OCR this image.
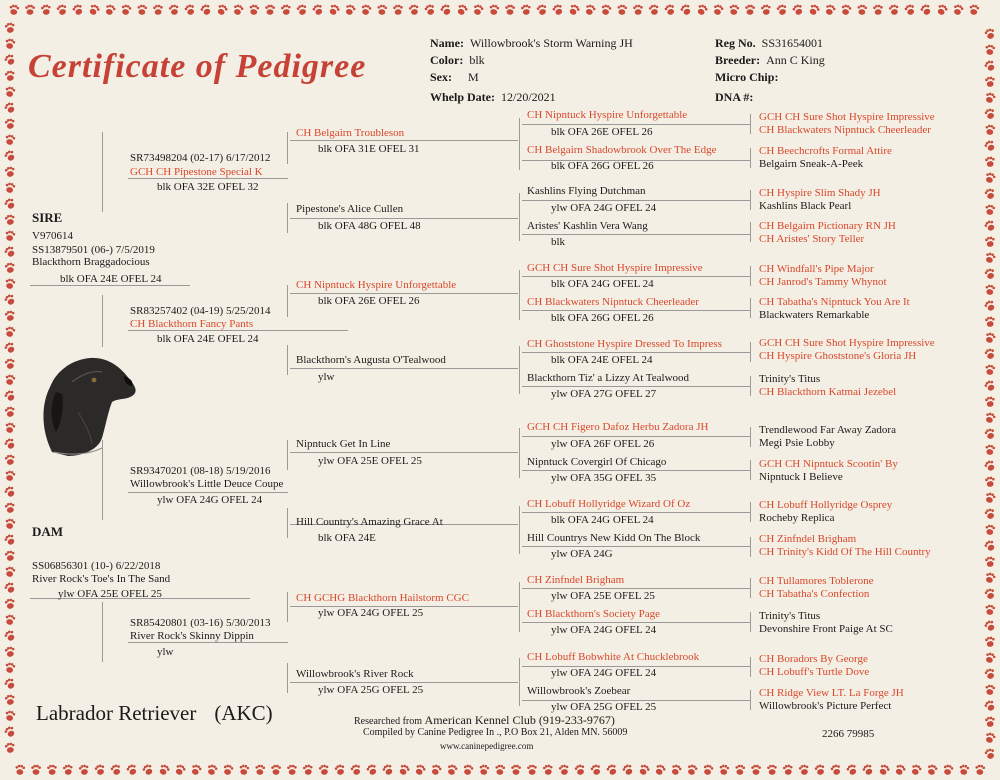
Certificate of Pedigree
Name: Willowbrook's Storm Warning JH
Color: blk
Sex: M
Whelp Date: 12/20/2021
Reg No. SS31654001
Breeder: Ann C King
Micro Chip:
DNA #:
SIRE
DAM
Labrador Retriever (AKC)	Researched from American Kennel Club (919-233-9767)
Compiled by Canine Pedigree In ., P.O Box 21, Alden MN. 56009
www.caninepedigree.com
2266 79985
V970614
SS13879501 (06-) 7/5/2019
Blackthorn Braggadocious
blk OFA 24E OFEL 24
SS06856301 (10-) 6/22/2018
River Rock's Toe's In The Sand
ylw OFA 25E OFEL 25
SR73498204 (02-17) 6/17/2012
GCH CH Pipestone Special K
blk OFA 32E OFEL 32
SR83257402 (04-19) 5/25/2014
CH Blackthorn Fancy Pants
blk OFA 24E OFEL 24
SR93470201 (08-18) 5/19/2016
Willowbrook's Little Deuce Coupe
ylw OFA 24G OFEL 24
SR85420801 (03-16) 5/30/2013
River Rock's Skinny Dippin
ylw
CH Belgairn Troubleson
blk OFA 31E OFEL 31
Pipestone's Alice Cullen
blk OFA 48G OFEL 48
CH Nipntuck Hyspire Unforgettable
blk OFA 26E OFEL 26
Blackthorn's Augusta O'Tealwood
ylw
Nipntuck Get In Line
ylw OFA 25E OFEL 25
Hill Country's Amazing Grace At
blk OFA 24E
CH GCHG Blackthorn Hailstorm CGC
ylw OFA 24G OFEL 25
Willowbrook's River Rock
ylw OFA 25G OFEL 25
CH Nipntuck Hyspire Unforgettable
blk OFA 26E OFEL 26
CH Belgairn Shadowbrook Over The Edge
blk OFA 26G OFEL 26
Kashlins Flying Dutchman
ylw OFA 24G OFEL 24
Aristes' Kashlin Vera Wang
blk
GCH CH Sure Shot Hyspire Impressive
blk OFA 24G OFEL 24
CH Blackwaters Nipntuck Cheerleader
blk OFA 26G OFEL 26
CH Ghoststone Hyspire Dressed To Impress
blk OFA 24E OFEL 24
Blackthorn Tiz' a Lizzy At Tealwood
ylw OFA 27G OFEL 27
GCH CH Figero Dafoz Herbu Zadora JH
ylw OFA 26F OFEL 26
Nipntuck Covergirl Of Chicago
ylw OFA 35G OFEL 35
CH Lobuff Hollyridge Wizard Of Oz
blk OFA 24G OFEL 24
Hill Countrys New Kidd On The Block
ylw OFA 24G
CH Zinfndel Brigham
ylw OFA 25E OFEL 25
CH Blackthorn's Society Page
ylw OFA 24G OFEL 24
CH Lobuff Bobwhite At Chucklebrook
ylw OFA 24G OFEL 24
Willowbrook's Zoebear
ylw OFA 25G OFEL 25
GCH CH Sure Shot Hyspire Impressive
CH Blackwaters Nipntuck Cheerleader
CH Beechcrofts Formal Attire
Belgairn Sneak-A-Peek
CH Hyspire Slim Shady JH
Kashlins Black Pearl
CH Belgairn Pictionary RN JH
CH Aristes' Story Teller
CH Windfall's Pipe Major
CH Janrod's Tammy Whynot
CH Tabatha's Nipntuck You Are It
Blackwaters Remarkable
GCH CH Sure Shot Hyspire Impressive
CH Hyspire Ghoststone's Gloria JH
Trinity's Titus
CH Blackthorn Katmai Jezebel
Trendlewood Far Away Zadora
Megi Psie Lobby
GCH CH Nipntuck Scootin' By
Nipntuck I Believe
CH Lobuff Hollyridge Osprey
Rocheby Replica
CH Zinfndel Brigham
CH Trinity's Kidd Of The Hill Country
CH Tullamores Toblerone
CH Tabatha's Confection
Trinity's Titus
Devonshire Front Paige At SC
CH Boradors By George
CH Lobuff's Turtle Dove
CH Ridge View LT. La Forge JH
Willowbrook's Picture Perfect
